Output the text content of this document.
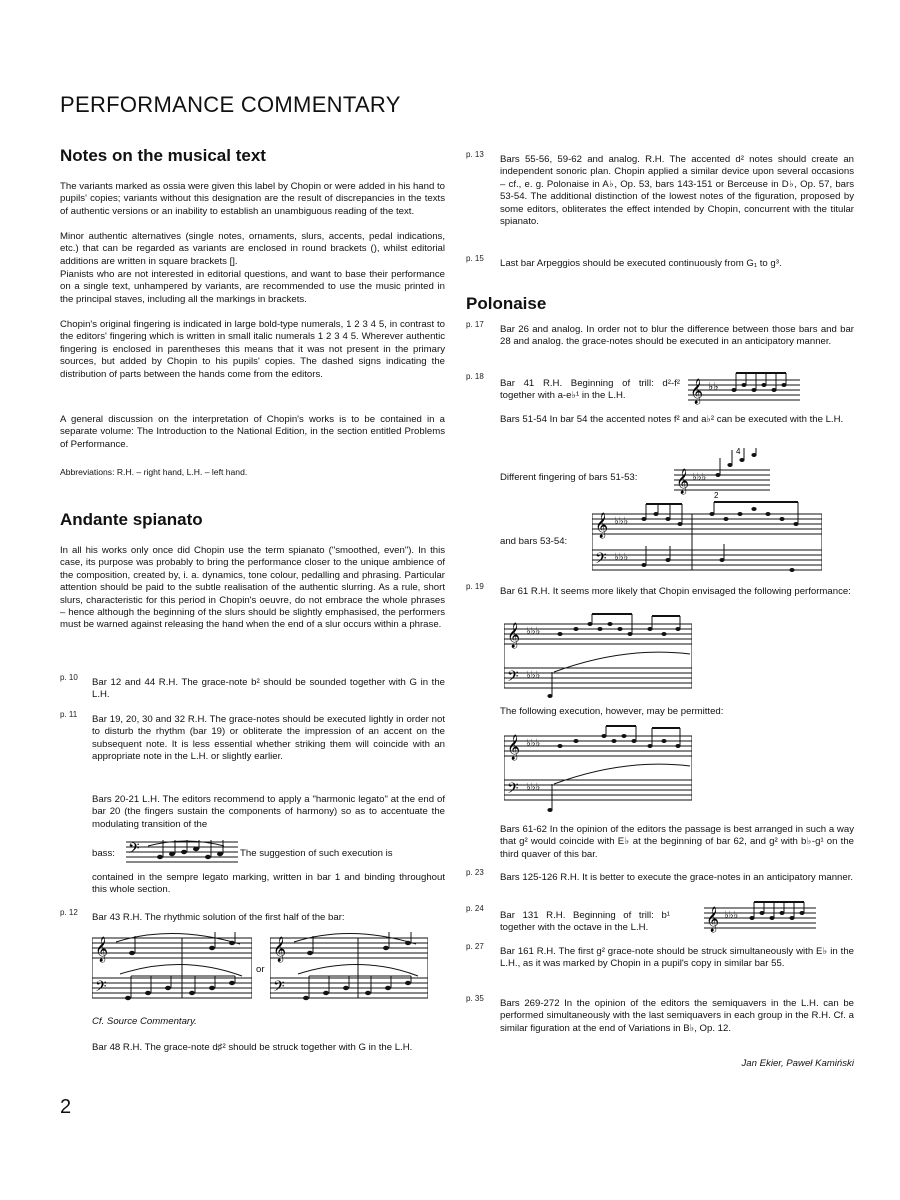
PERFORMANCE COMMENTARY
Notes on the musical text

The variants marked as ossia were given this label by Chopin or were added in his hand to pupils' copies; variants without this designation are the result of discrepancies in the texts of authentic versions or an inability to establish an unambiguous reading of the text.

Minor authentic alternatives (single notes, ornaments, slurs, accents, pedal indications, etc.) that can be regarded as variants are enclosed in round brackets (), whilst editorial additions are written in square brackets [].

Pianists who are not interested in editorial questions, and want to base their performance on a single text, unhampered by variants, are recommended to use the music printed in the principal staves, including all the markings in brackets.

Chopin's original fingering is indicated in large bold-type numerals, 1 2 3 4 5, in contrast to the editors' fingering which is written in small italic numerals 1 2 3 4 5. Wherever authentic fingering is enclosed in parentheses this means that it was not present in the primary sources, but added by Chopin to his pupils' copies. The dashed signs indicating the distribution of parts between the hands come from the editors.

A general discussion on the interpretation of Chopin's works is to be contained in a separate volume: The Introduction to the National Edition, in the section entitled Problems of Performance.

Abbreviations: R.H. – right hand, L.H. – left hand.

Andante spianato

In all his works only once did Chopin use the term spianato ("smoothed, even"). In this case, its purpose was probably to bring the performance closer to the unique ambience of the composition, created by, i. a. dynamics, tone colour, pedalling and phrasing. Particular attention should be paid to the subtle realisation of the authentic slurring. As a rule, short slurs, characteristic for this period in Chopin's oeuvre, do not embrace the whole phrases – hence although the beginning of the slurs should be slightly emphasised, the performers must be warned against releasing the hand when the end of a slur occurs within a phrase.

p. 10 Bar 12 and 44 R.H. The grace-note b² should be sounded together with G in the L.H.

p. 11 Bar 19, 20, 30 and 32 R.H. The grace-notes should be executed lightly in order not to disturb the rhythm (bar 19) or obliterate the impression of an accent on the subsequent note. It is less essential whether striking them will coincide with an appropriate note in the L.H. or slightly earlier.

Bars 20-21 L.H. The editors recommend to apply a "harmonic legato" at the end of bar 20 (the fingers sustain the components of harmony) so as to accentuate the modulating transition of the

bass: 𝄢	The suggestion of such execution is

contained in the sempre legato marking, written in bar 1 and binding throughout this whole section.

p. 12 Bar 43 R.H. The rhythmic solution of the first half of the bar:

𝄞
𝄢
or
𝄞
𝄢
Cf. Source Commentary.

Bar 48 R.H. The grace-note d♯² should be struck together with G in the L.H.

p. 13 Bars 55-56, 59-62 and analog. R.H. The accented d² notes should create an independent sonoric plan. Chopin applied a similar device upon several occasions – cf., e. g. Polonaise in A♭, Op. 53, bars 143-151 or Berceuse in D♭, Op. 57, bars 53-54. The additional distinction of the lowest notes of the figuration, proposed by some editors, obliterates the effect intended by Chopin, concurrent with the titular spianato.

p. 15 Last bar Arpeggios should be executed continuously from G₁ to g³.

Polonaise
p. 17 Bar 26 and analog. In order not to blur the difference between those bars and bar 28 and analog. the grace-notes should be executed in an anticipatory manner.

p. 18

Bar 41 R.H. Beginning of trill: d²-f² together with a-e♭¹ in the L.H.	𝄞 ♭♭

Bars 51-54 In bar 54 the accented notes f² and a♭² can be executed with the L.H.

Different fingering of bars 51-53: 𝄞 ♭♭♭
2
4
and bars 53-54:
𝄞
𝄢
♭♭♭
♭♭♭
p. 19 Bar 61 R.H. It seems more likely that Chopin envisaged the following performance:

𝄞
𝄢
♭♭♭
♭♭♭
The following execution, however, may be permitted:
𝄞
𝄢
♭♭♭
♭♭♭

Bars 61-62 In the opinion of the editors the passage is best arranged in such a way that g² would coincide with E♭ at the beginning of bar 62, and g² with b♭-g¹ on the third quaver of this bar.

p. 23 Bars 125-126 R.H. It is better to execute the grace-notes in an anticipatory manner.

p. 24

Bar 131 R.H. Beginning of trill: b¹ together with the octave in the L.H.	𝄞 ♭♭♭
p. 27 Bar 161 R.H. The first g² grace-note should be struck simultaneously with E♭ in the L.H., as it was marked by Chopin in a pupil's copy in similar bar 55.

p. 35 Bars 269-272 In the opinion of the editors the semiquavers in the L.H. can be performed simultaneously with the last semiquavers in each group in the R.H. Cf. a similar figuration at the end of Variations in B♭, Op. 12.

Jan Ekier, Paweł Kamiński
2
